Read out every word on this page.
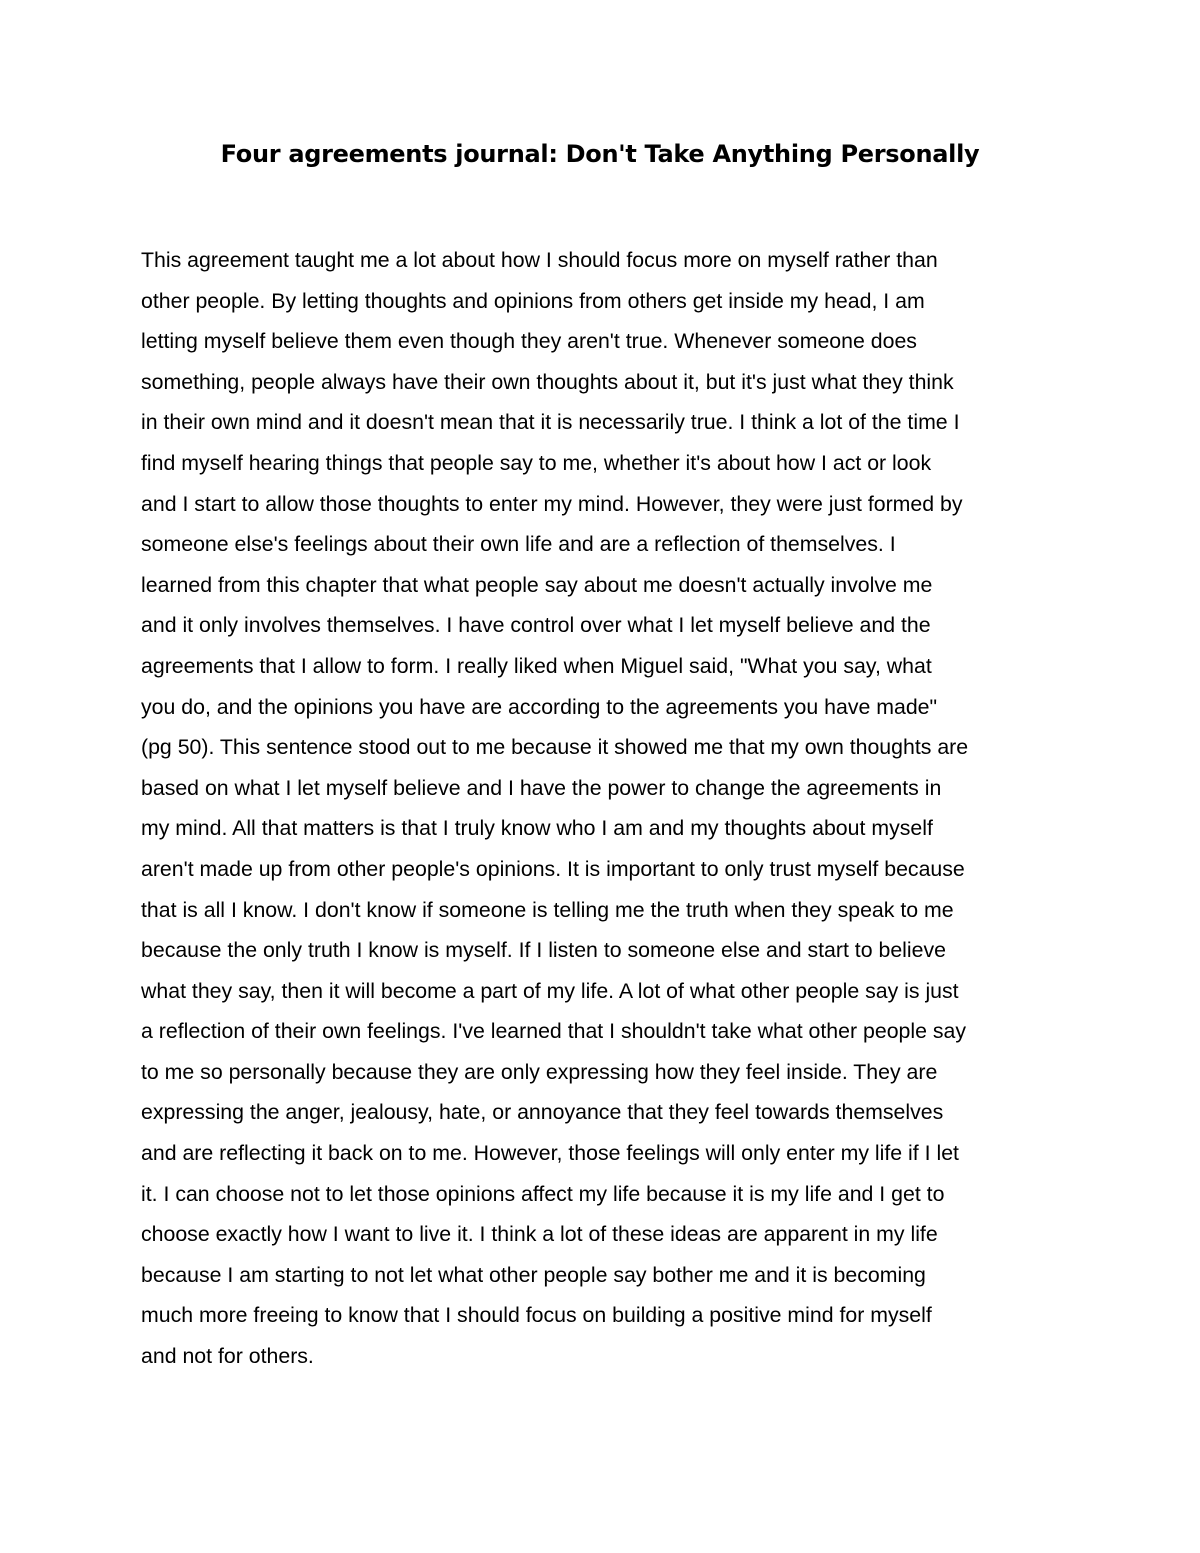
Four agreements journal: Don't Take Anything Personally
This agreement taught me a lot about how I should focus more on myself rather than
other people. By letting thoughts and opinions from others get inside my head, I am
letting myself believe them even though they aren't true. Whenever someone does
something, people always have their own thoughts about it, but it's just what they think
in their own mind and it doesn't mean that it is necessarily true. I think a lot of the time I
find myself hearing things that people say to me, whether it's about how I act or look
and I start to allow those thoughts to enter my mind. However, they were just formed by
someone else's feelings about their own life and are a reflection of themselves. I
learned from this chapter that what people say about me doesn't actually involve me
and it only involves themselves. I have control over what I let myself believe and the
agreements that I allow to form. I really liked when Miguel said, "What you say, what
you do, and the opinions you have are according to the agreements you have made"
(pg 50). This sentence stood out to me because it showed me that my own thoughts are
based on what I let myself believe and I have the power to change the agreements in
my mind. All that matters is that I truly know who I am and my thoughts about myself
aren't made up from other people's opinions. It is important to only trust myself because
that is all I know. I don't know if someone is telling me the truth when they speak to me
because the only truth I know is myself. If I listen to someone else and start to believe
what they say, then it will become a part of my life. A lot of what other people say is just
a reflection of their own feelings. I've learned that I shouldn't take what other people say
to me so personally because they are only expressing how they feel inside. They are
expressing the anger, jealousy, hate, or annoyance that they feel towards themselves
and are reflecting it back on to me. However, those feelings will only enter my life if I let
it. I can choose not to let those opinions affect my life because it is my life and I get to
choose exactly how I want to live it. I think a lot of these ideas are apparent in my life
because I am starting to not let what other people say bother me and it is becoming
much more freeing to know that I should focus on building a positive mind for myself
and not for others.
